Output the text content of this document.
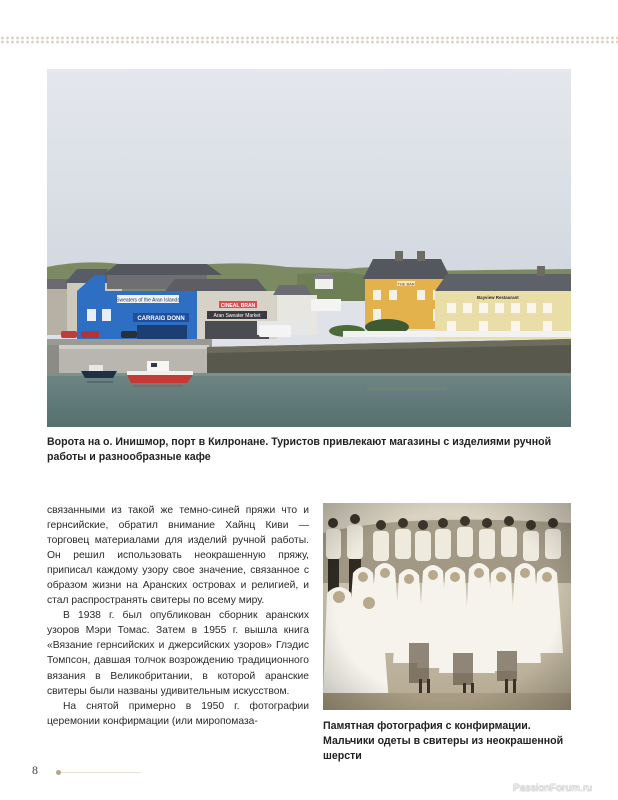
Sweaters of the Aran Islands
CARRAIG DONN
CINEAL BRAN
Aran Sweater Market
THE BAR
Bayview Restaurant
Ворота на о. Инишмор, порт в Килронане. Туристов привлекают магазины с изделиями ручной работы и разнообразные кафе

связанными из такой же темно-синей пряжи что и гернсийские, обратил внимание Хайнц Киви — торговец материалами для изделий ручной работы. Он решил использовать неокрашенную пряжу, приписал каждому узору свое значение, связанное с образом жизни на Аранских островах и религией, и стал распространять свитеры по всему миру.

В 1938 г. был опубликован сборник аранских узоров Мэри Томас. Затем в 1955 г. вышла книга «Вязание гернсийских и джерсийских узоров» Глэдис Томпсон, давшая толчок возрождению традиционного вязания в Великобритании, в которой аранские свитеры были названы удивительным искусством.

На снятой примерно в 1950 г. фотографии церемонии конфирмации (или миропомаза-	Памятная фотография с конфирмации. Мальчики одеты в свитеры из неокрашенной шерсти
8
PassionForum.ru
